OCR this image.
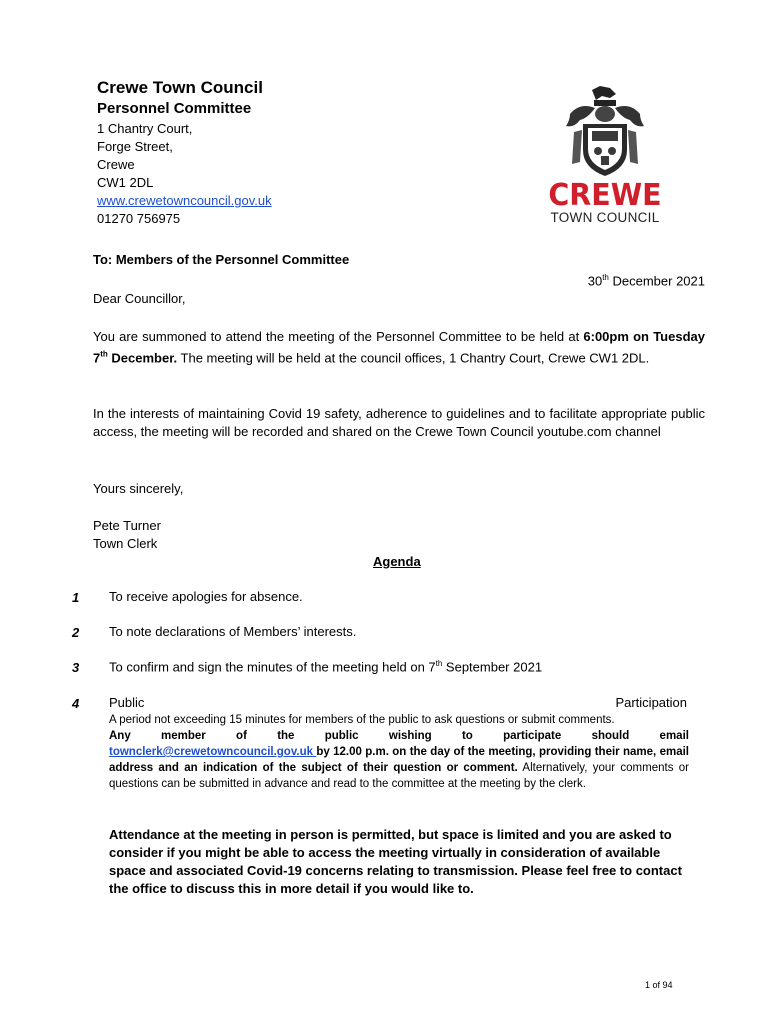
Crewe Town Council
Personnel Committee
1 Chantry Court,
Forge Street,
Crewe
CW1 2DL
www.crewetowncouncil.gov.uk
01270 756975
CREWE
TOWN COUNCIL
To: Members of the Personnel Committee
30th December 2021
Dear Councillor,
You are summoned to attend the meeting of the Personnel Committee to be held at 6:00pm on Tuesday 7th December. The meeting will be held at the council offices, 1 Chantry Court, Crewe CW1 2DL.
In the interests of maintaining Covid 19 safety, adherence to guidelines and to facilitate appropriate public access, the meeting will be recorded and shared on the Crewe Town Council youtube.com channel
Yours sincerely,
Pete Turner
Town Clerk
Agenda
1 To receive apologies for absence.
2 To note declarations of Members’ interests.
3 To confirm and sign the minutes of the meeting held on 7th September 2021
4 Public	Participation
A period not exceeding 15 minutes for members of the public to ask questions or submit comments.
Any	member	of	the	public	wishing	to	participate	should	email
townclerk@crewetowncouncil.gov.uk by 12.00 p.m. on the day of the meeting, providing their name, email address and an indication of the subject of their question or comment. Alternatively, your comments or questions can be submitted in advance and read to the committee at the meeting by the clerk.
Attendance at the meeting in person is permitted, but space is limited and you are asked to consider if you might be able to access the meeting virtually in consideration of available space and associated Covid-19 concerns relating to transmission. Please feel free to contact the office to discuss this in more detail if you would like to.
1 of 94
